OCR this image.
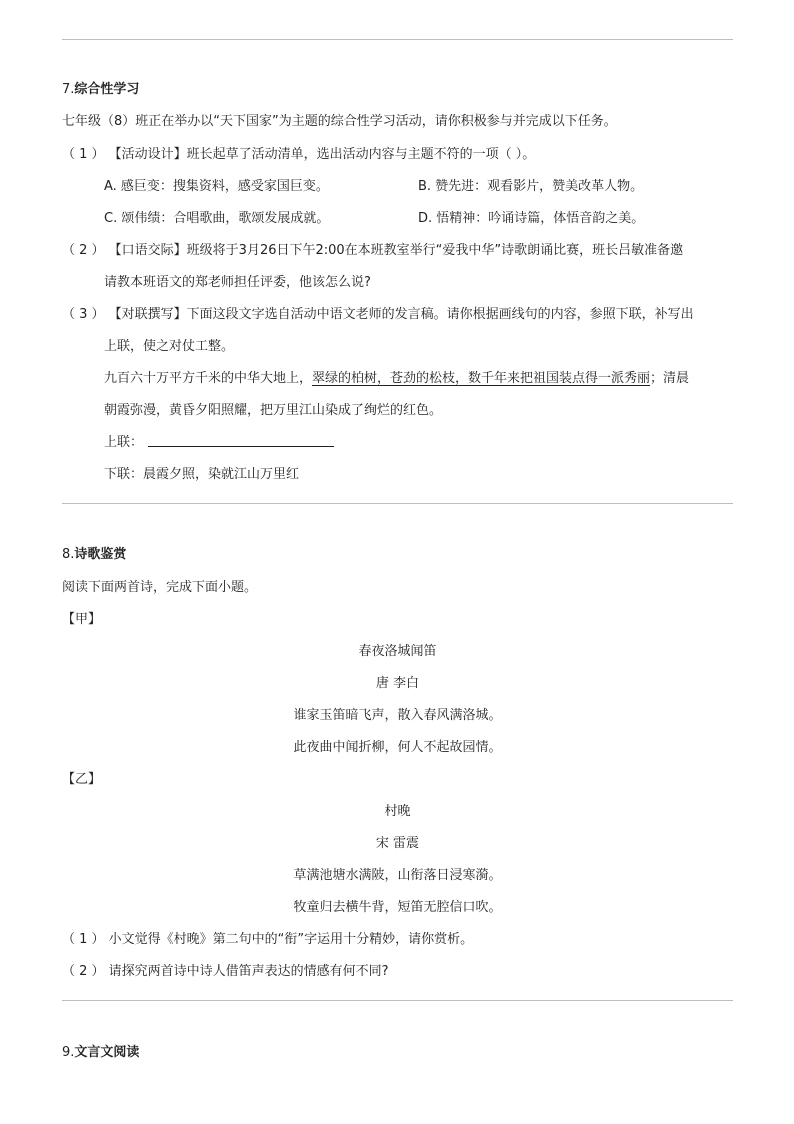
7.综合性学习
七年级（8）班正在举办以“天下国家”为主题的综合性学习活动，请你积极参与并完成以下任务。
（ 1 ） 【活动设计】班长起草了活动清单，选出活动内容与主题不符的一项（ ）。
A. 感巨变：搜集资料，感受家国巨变。	B. 赞先进：观看影片，赞美改革人物。
C. 颂伟绩：合唱歌曲，歌颂发展成就。	D. 悟精神：吟诵诗篇，体悟音韵之美。
（ 2 ） 【口语交际】班级将于3月26日下午2:00在本班教室举行“爱我中华”诗歌朗诵比赛，班长吕敏准备邀
请教本班语文的郑老师担任评委，他该怎么说?
（ 3 ） 【对联撰写】下面这段文字选自活动中语文老师的发言稿。请你根据画线句的内容，参照下联，补写出
上联，使之对仗工整。
九百六十万平方千米的中华大地上，翠绿的柏树，苍劲的松枝，数千年来把祖国装点得一派秀丽；清晨
朝霞弥漫，黄昏夕阳照耀，把万里江山染成了绚烂的红色。
上联：
下联：晨霞夕照，染就江山万里红
8.诗歌鉴赏
阅读下面两首诗，完成下面小题。
【甲】
春夜洛城闻笛
唐 李白
谁家玉笛暗飞声，散入春风满洛城。
此夜曲中闻折柳，何人不起故园情。
【乙】
村晚
宋 雷震
草满池塘水满陂，山衔落日浸寒漪。
牧童归去横牛背，短笛无腔信口吹。
（ 1 ） 小文觉得《村晚》第二句中的“衔”字运用十分精妙，请你赏析。
（ 2 ） 请探究两首诗中诗人借笛声表达的情感有何不同?
9.文言文阅读
